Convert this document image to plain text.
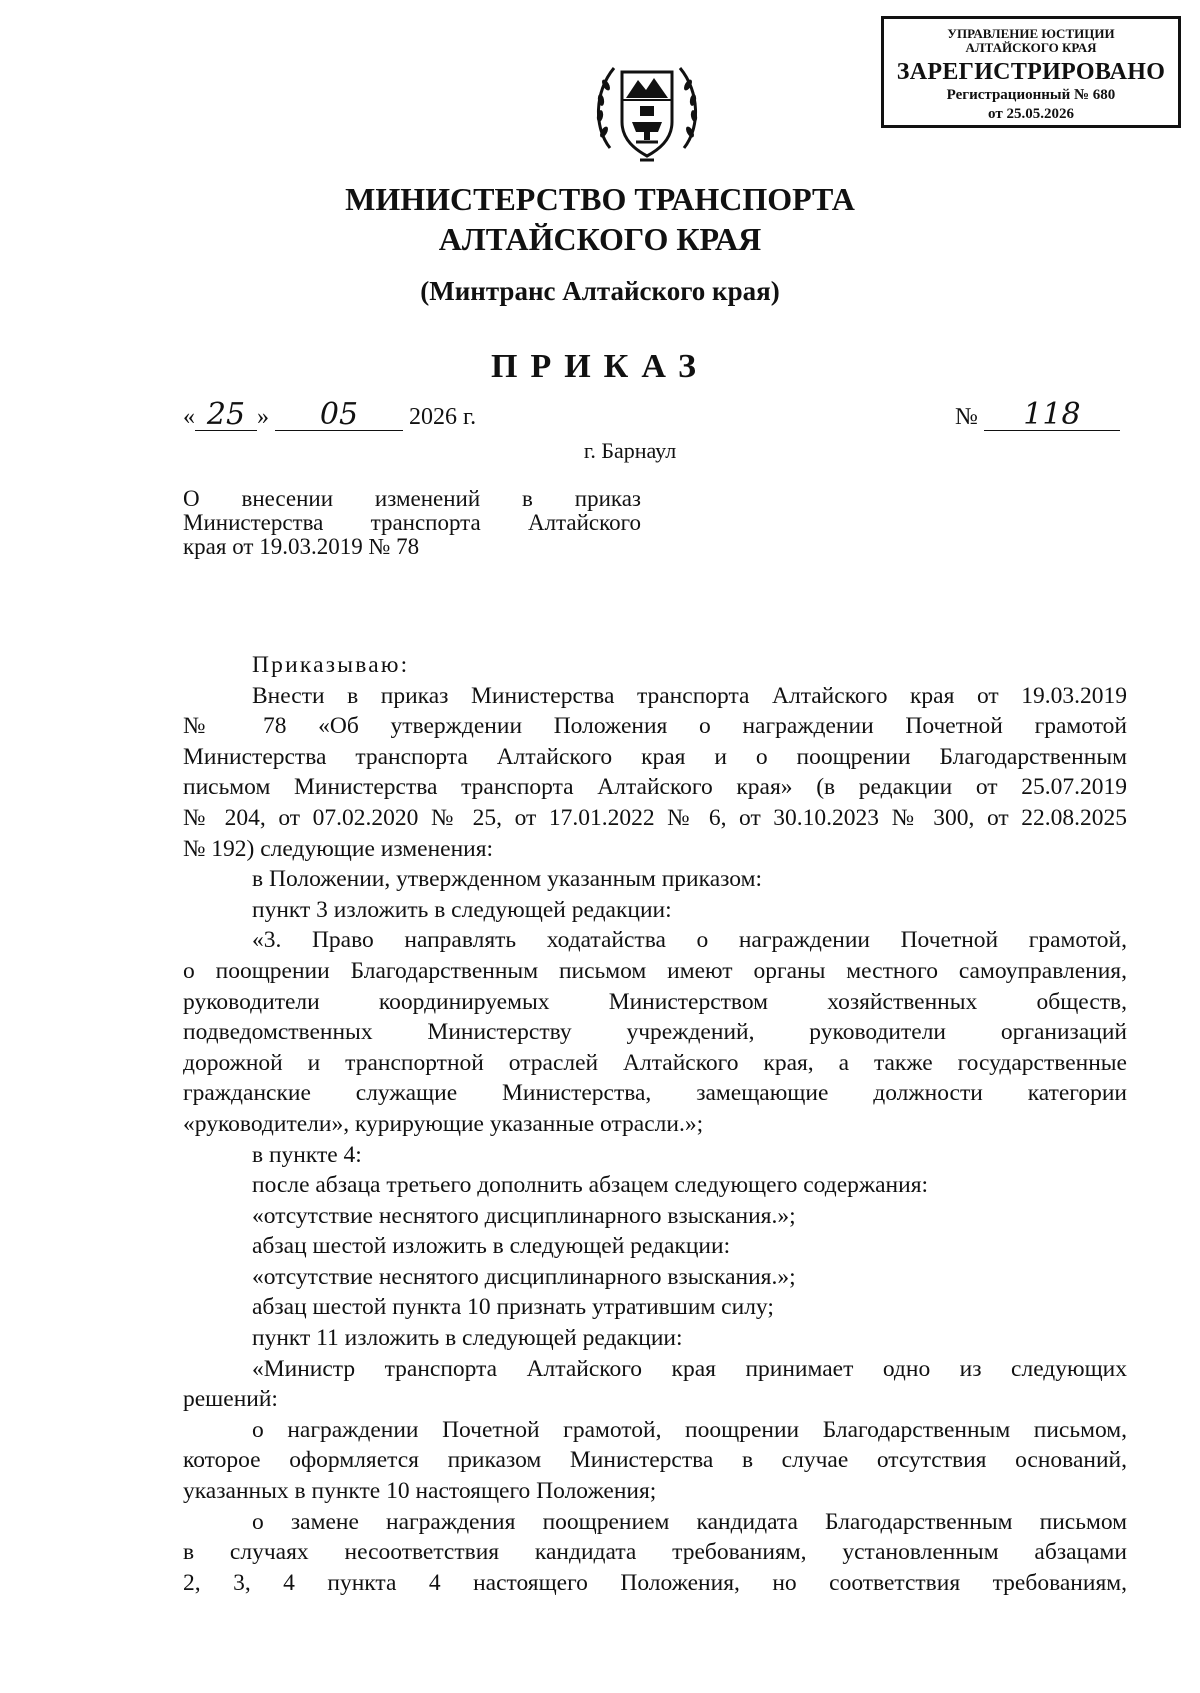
УПРАВЛЕНИЕ ЮСТИЦИИ
АЛТАЙСКОГО КРАЯ
ЗАРЕГИСТРИРОВАНО
Регистрационный № 680
от 25.05.2026
МИНИСТЕРСТВО ТРАНСПОРТА
АЛТАЙСКОГО КРАЯ
(Минтранс Алтайского края)
ПРИКАЗ
« 25 » 05 2026 г.	№ 118
г. Барнаул
О внесении изменений в приказ
Министерства транспорта Алтайского
края от 19.03.2019 № 78

Приказываю:

Внести в приказ Министерства транспорта Алтайского края от 19.03.2019

№ 78 «Об утверждении Положения о награждении Почетной грамотой

Министерства транспорта Алтайского края и о поощрении Благодарственным

письмом Министерства транспорта Алтайского края» (в редакции от 25.07.2019

№ 204, от 07.02.2020 № 25, от 17.01.2022 № 6, от 30.10.2023 № 300, от 22.08.2025

№ 192) следующие изменения:

в Положении, утвержденном указанным приказом:

пункт 3 изложить в следующей редакции:

«3. Право направлять ходатайства о награждении Почетной грамотой,

о поощрении Благодарственным письмом имеют органы местного самоуправления,

руководители координируемых Министерством хозяйственных обществ,

подведомственных Министерству учреждений, руководители организаций

дорожной и транспортной отраслей Алтайского края, а также государственные

гражданские служащие Министерства, замещающие должности категории

«руководители», курирующие указанные отрасли.»;

в пункте 4:

после абзаца третьего дополнить абзацем следующего содержания:

«отсутствие неснятого дисциплинарного взыскания.»;

абзац шестой изложить в следующей редакции:

«отсутствие неснятого дисциплинарного взыскания.»;

абзац шестой пункта 10 признать утратившим силу;

пункт 11 изложить в следующей редакции:

«Министр транспорта Алтайского края принимает одно из следующих

решений:

о награждении Почетной грамотой, поощрении Благодарственным письмом,

которое оформляется приказом Министерства в случае отсутствия оснований,

указанных в пункте 10 настоящего Положения;

о замене награждения поощрением кандидата Благодарственным письмом

в случаях несоответствия кандидата требованиям, установленным абзацами

2, 3, 4 пункта 4 настоящего Положения, но соответствия требованиям,
